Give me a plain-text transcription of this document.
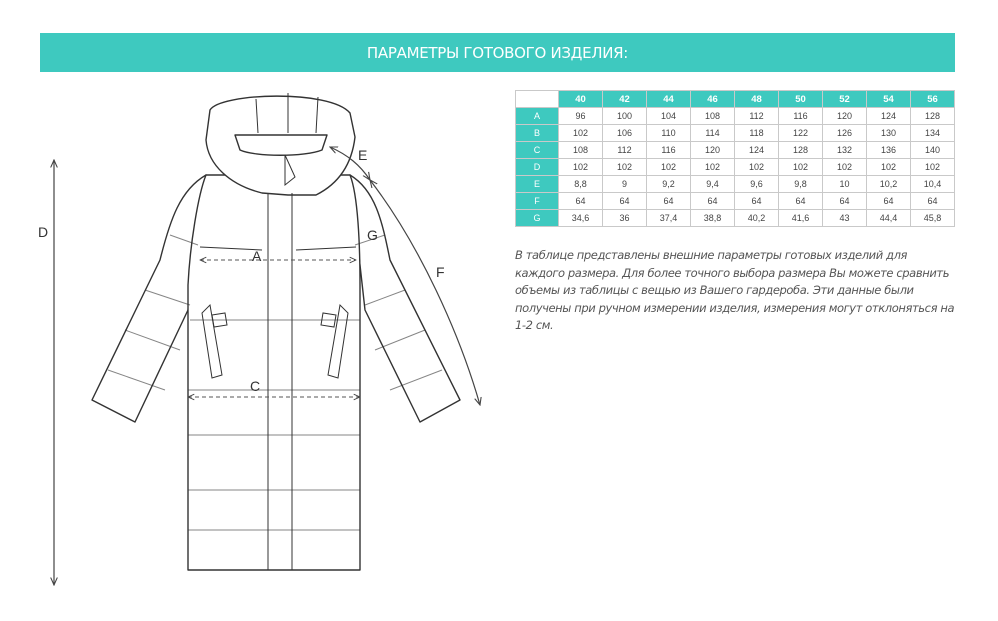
ПАРАМЕТРЫ ГОТОВОГО ИЗДЕЛИЯ:
A
C
D
E
F
G
	40	42	44	46	48	50	52	54	56
A	96	100	104	108	112	116	120	124	128
B	102	106	110	114	118	122	126	130	134
C	108	112	116	120	124	128	132	136	140
D	102	102	102	102	102	102	102	102	102
E	8,8	9	9,2	9,4	9,6	9,8	10	10,2	10,4
F	64	64	64	64	64	64	64	64	64
G	34,6	36	37,4	38,8	40,2	41,6	43	44,4	45,8
В таблице представлены внешние параметры готовых изделий для каждого размера. Для более точного выбора размера Вы можете сравнить объемы из таблицы с вещью из Вашего гардероба. Эти данные были получены при ручном измерении изделия, измерения могут отклоняться на 1-2 см.
